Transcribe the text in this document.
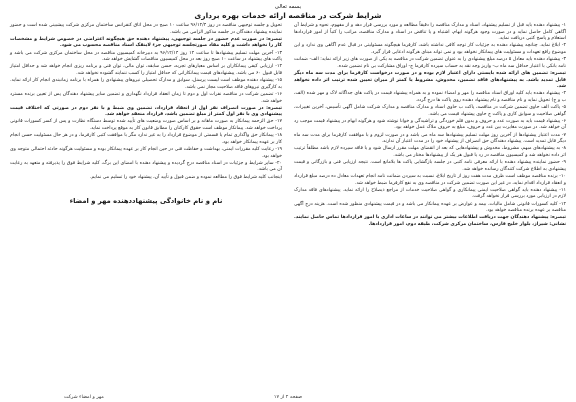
بسمه تعالی

شرایط شرکت در مناقصه ارائه خدمات بهره برداری

۱- پیشنهاد دهنده باید قبل از تسلیم پیشنهاد، اسناد و مدارک مناقصه را دقیقاً مطالعه و مورد بررسی قرار دهد و از مفهوم، نحوه و شرایط آن آگاهی کامل حاصل نماید و در صورت وجود هرگونه ابهام، اشتباه و یا تناقض در اسناد و مدارک مناقصه، مراتب را کتباً از امور قراردادها استعلام و پاسخ کتبی دریافت نماید.

۲- ابلاغ نماید. چنانچه پیشنهاد دهنده به جزئیات کار توجه کافی نداشته باشد، کارفرما هیچگونه مسئولیتی در قبال عدم آگاهی وی ندارد و این موضوع رافع تعهدات و مسئولیت های پیمانکار نخواهد بود و نمی تواند مبنای هرگونه ادعایی قرار گیرد.

۳- پیشنهاد دهنده باید معادل ۵ درصد مبلغ پیشنهادی را به عنوان تضمین شرکت در مناقصه به یکی از صورت های زیر ارائه نماید: الف- ضمانت نامه بانکی با اعتبار حداقل سه ماه ب- واریز وجه نقد به حساب سپرده کارفرما ج- اوراق مشارکت بی نام تضمین شده.

تبصره: تضمین های ارائه شده بایستی دارای اعتبار لازم بوده و در صورت درخواست کارفرما برای مدت سه ماه دیگر قابل تمدید باشد. به پیشنهادهای فاقد تضمین، مخدوش، مشروط یا کمتر از میزان تعیین شده ترتیب اثر داده نخواهد شد.

۴- پیشنهاد دهنده باید کلیه اوراق اسناد مناقصه را مهر و امضاء نموده و به همراه پیشنهاد قیمت در پاکت های جداگانه لاک و مهر شده (الف، ب و ج) تحویل نماید و نام مناقصه و نام پیشنهاد دهنده روی پاکت ها درج گردد.

۵- پاکت الف حاوی تضمین شرکت در مناقصه، پاکت ب حاوی اسناد و مدارک مناقصه و مدارک شرکت شامل آگهی تأسیس، آخرین تغییرات، گواهی صلاحیت و سوابق کاری و پاکت ج حاوی پیشنهاد قیمت می باشد.

۶- پیشنهاد قیمت باید به صورت عدد و حروف و بدون قلم خوردگی و تراشیدگی و خوانا نوشته شود و هرگونه ابهام در پیشنهاد قیمت موجب رد آن خواهد شد. در صورت مغایرت بین عدد و حروف، مبلغ به حروف ملاک عمل خواهد بود.

۷- مدت اعتبار پیشنهادها از آخرین روز مهلت تسلیم پیشنهادها سه ماه می باشد و در صورت لزوم و با موافقت کارفرما برای مدت سه ماه دیگر قابل تمدید است. پیشنهاد دهندگان حق انصراف از پیشنهاد خود را در مدت اعتبار آن ندارند.

۸- به پیشنهادهای مبهم، مشروط، مخدوش و پیشنهادهایی که بعد از انقضای مهلت مقرر ارسال شود و یا فاقد سپرده لازم باشد مطلقاً ترتیب اثر داده نخواهد شد و کمیسیون مناقصه در رد یا قبول هر یک از پیشنهادها مختار می باشد.

۹- حضور نماینده پیشنهاد دهنده با ارائه معرفی نامه کتبی در جلسه بازگشایی پاکت ها بلامانع است. نتیجه ارزیابی فنی و بازرگانی و قیمت پیشنهادی به اطلاع شرکت کنندگان رسانده خواهد شد.

۱۰- برنده مناقصه موظف است ظرف مدت هفت روز از تاریخ ابلاغ، نسبت به سپردن ضمانت نامه انجام تعهدات معادل ده درصد مبلغ قرارداد و انعقاد قرارداد اقدام نماید، در غیر این صورت تضمین شرکت در مناقصه وی به نفع کارفرما ضبط خواهد شد.

۱۱- پیشنهاد دهنده باید گواهی صلاحیت ایمنی پیمانکاری و گواهی صلاحیت خدمات از مراجع ذیصلاح را ارائه نماید. پیشنهادهای فاقد مدارک لازم در ارزیابی مورد بررسی قرار نخواهد گرفت.

۱۲- کلیه کسورات قانونی شامل مالیات، بیمه و عوارض بر عهده پیمانکار می باشد و در قیمت پیشنهادی منظور شده است. هزینه درج آگهی مناقصه بر عهده برنده مناقصه خواهد بود.

تبصره: پیشنهاد دهندگان جهت دریافت اطلاعات بیشتر می توانند در ساعات اداری با امور قراردادها تماس حاصل نمایند. نشانی: شیراز، بلوار خلیج فارس، ساختمان مرکزی شرکت، طبقه دوم، امور قراردادها.

تحویل و جلسه توجیهی مناقصه در روز ۹۶/۱۲/۴ ساعت ۱۰ صبح در محل اتاق کنفرانس ساختمان مرکزی شرکت پیشبینی شده است و حضور نماینده پیشنهاد دهندگان در جلسه مذکور الزامی می باشد.

تبصره: در صورت عدم حضور در جلسه توجیهی، پیشنهاد دهنده حق هیچگونه اعتراضی در خصوص شرایط و مشخصات کار را نخواهد داشت و کلیه مفاد صورتجلسه توجیهی جزء لاینفک اسناد مناقصه محسوب می شود.

۱۳- آخرین مهلت تسلیم پیشنهادها تا ساعت ۱۴ روز ۹۶/۱۲/۱۴ به دبیرخانه کمیسیون مناقصه در محل ساختمان مرکزی شرکت می باشد و پاکت های پیشنهاد در ساعت ۱۰ صبح روز بعد در محل کمیسیون مناقصات گشایش خواهد شد.

۱۴- ارزیابی کیفی پیمانکاران بر اساس معیارهای تجربه، حسن سابقه، توان مالی، توان فنی و برنامه ریزی انجام خواهد شد و حداقل امتیاز قابل قبول ۶۰ می باشد. پیشنهادهای قیمت پیمانکارانی که حداقل امتیاز را کسب ننمایند گشوده نخواهد شد.

۱۵- پیشنهاد دهنده موظف است لیست پرسنل، سوابق و مدارک تحصیلی نیروهای پیشنهادی را همراه با برنامه زمانبندی انجام کار ارائه نماید. به کارگیری نیروهای فاقد صلاحیت مجاز نمی باشد.

۱۶- تضمین شرکت در مناقصه نفرات اول و دوم تا زمان انعقاد قرارداد نگهداری و تضمین سایر پیشنهاد دهندگان پس از تعیین برنده مسترد خواهد شد.

تبصره: در صورت انصراف نفر اول از انعقاد قرارداد، تضمین وی ضبط و با نفر دوم در صورتی که اختلاف قیمت پیشنهادی وی با نفر اول کمتر از مبلغ تضمین باشد، قرارداد منعقد خواهد شد.

۱۷- حق الزحمه پیمانکار به صورت ماهانه و بر اساس صورت وضعیت های تأیید شده توسط دستگاه نظارت و پس از کسر کسورات قانونی پرداخت خواهد شد. پیمانکار موظف است حقوق کارکنان را مطابق قانون کار به موقع پرداخت نماید.

۱۸- پیمانکار حق واگذاری تمام یا قسمتی از موضوع قرارداد را به غیر ندارد مگر با موافقت کتبی کارفرما، و در هر حال مسئولیت حسن انجام کار بر عهده پیمانکار خواهد بود.

۱۹- رعایت کلیه مقررات ایمنی، بهداشت و حفاظت فنی در حین انجام کار بر عهده پیمانکار بوده و مسئولیت هرگونه حادثه احتمالی متوجه وی خواهد بود.

۲۰- سایر شرایط و جزئیات در اسناد مناقصه درج گردیده و پیشنهاد دهنده با امضای این برگ، کلیه شرایط فوق را پذیرفته و متعهد به رعایت آن می باشد.

اینجانب کلیه شرایط فوق را مطالعه نموده و ضمن قبول و تأیید آن، پیشنهاد خود را تسلیم می نمایم.

نام و نام خانوادگی پیشنهاددهنده مهر و امضاء
مهر و امضاء شرکت	صفحه ۲ از ۱۷
